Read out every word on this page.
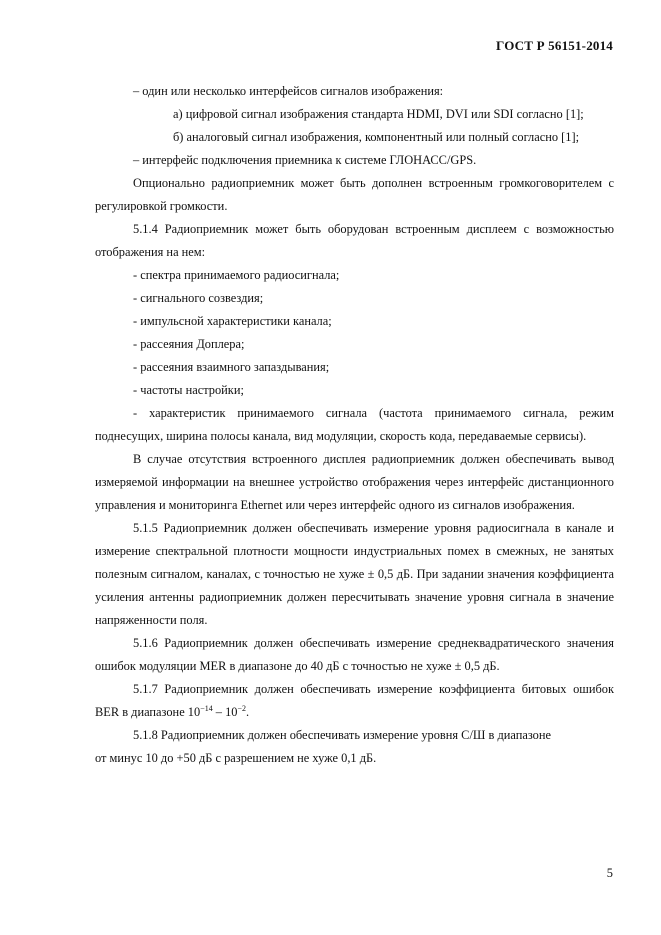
ГОСТ Р 56151-2014

– один или несколько интерфейсов сигналов изображения:

а) цифровой сигнал изображения стандарта HDMI, DVI или SDI согласно [1];

б) аналоговый сигнал изображения, компонентный или полный согласно [1];

– интерфейс подключения приемника к системе ГЛОНАСС/GPS.

Опционально радиоприемник может быть дополнен встроенным громкоговорителем с регулировкой громкости.

5.1.4 Радиоприемник может быть оборудован встроенным дисплеем с возможностью отображения на нем:

- спектра принимаемого радиосигнала;

- сигнального созвездия;

- импульсной характеристики канала;

- рассеяния Доплера;

- рассеяния взаимного запаздывания;

- частоты настройки;

- характеристик принимаемого сигнала (частота принимаемого сигнала, режим поднесущих, ширина полосы канала, вид модуляции, скорость кода, передаваемые сервисы).

В случае отсутствия встроенного дисплея радиоприемник должен обеспечивать вывод измеряемой информации на внешнее устройство отображения через интерфейс дистанционного управления и мониторинга Ethernet или через интерфейс одного из сигналов изображения.

5.1.5 Радиоприемник должен обеспечивать измерение уровня радиосигнала в канале и измерение спектральной плотности мощности индустриальных помех в смежных, не занятых полезным сигналом, каналах, с точностью не хуже ± 0,5 дБ. При задании значения коэффициента усиления антенны радиоприемник должен пересчитывать значение уровня сигнала в значение напряженности поля.

5.1.6 Радиоприемник должен обеспечивать измерение среднеквадратического значения ошибок модуляции MER в диапазоне до 40 дБ с точностью не хуже ± 0,5 дБ.

5.1.7 Радиоприемник должен обеспечивать измерение коэффициента битовых ошибок BER в диапазоне $10^{-14} - 10^{-2}$.

5.1.8 Радиоприемник должен обеспечивать измерение уровня С/Ш в диапазоне

от минус 10 до +50 дБ с разрешением не хуже 0,1 дБ.

5
